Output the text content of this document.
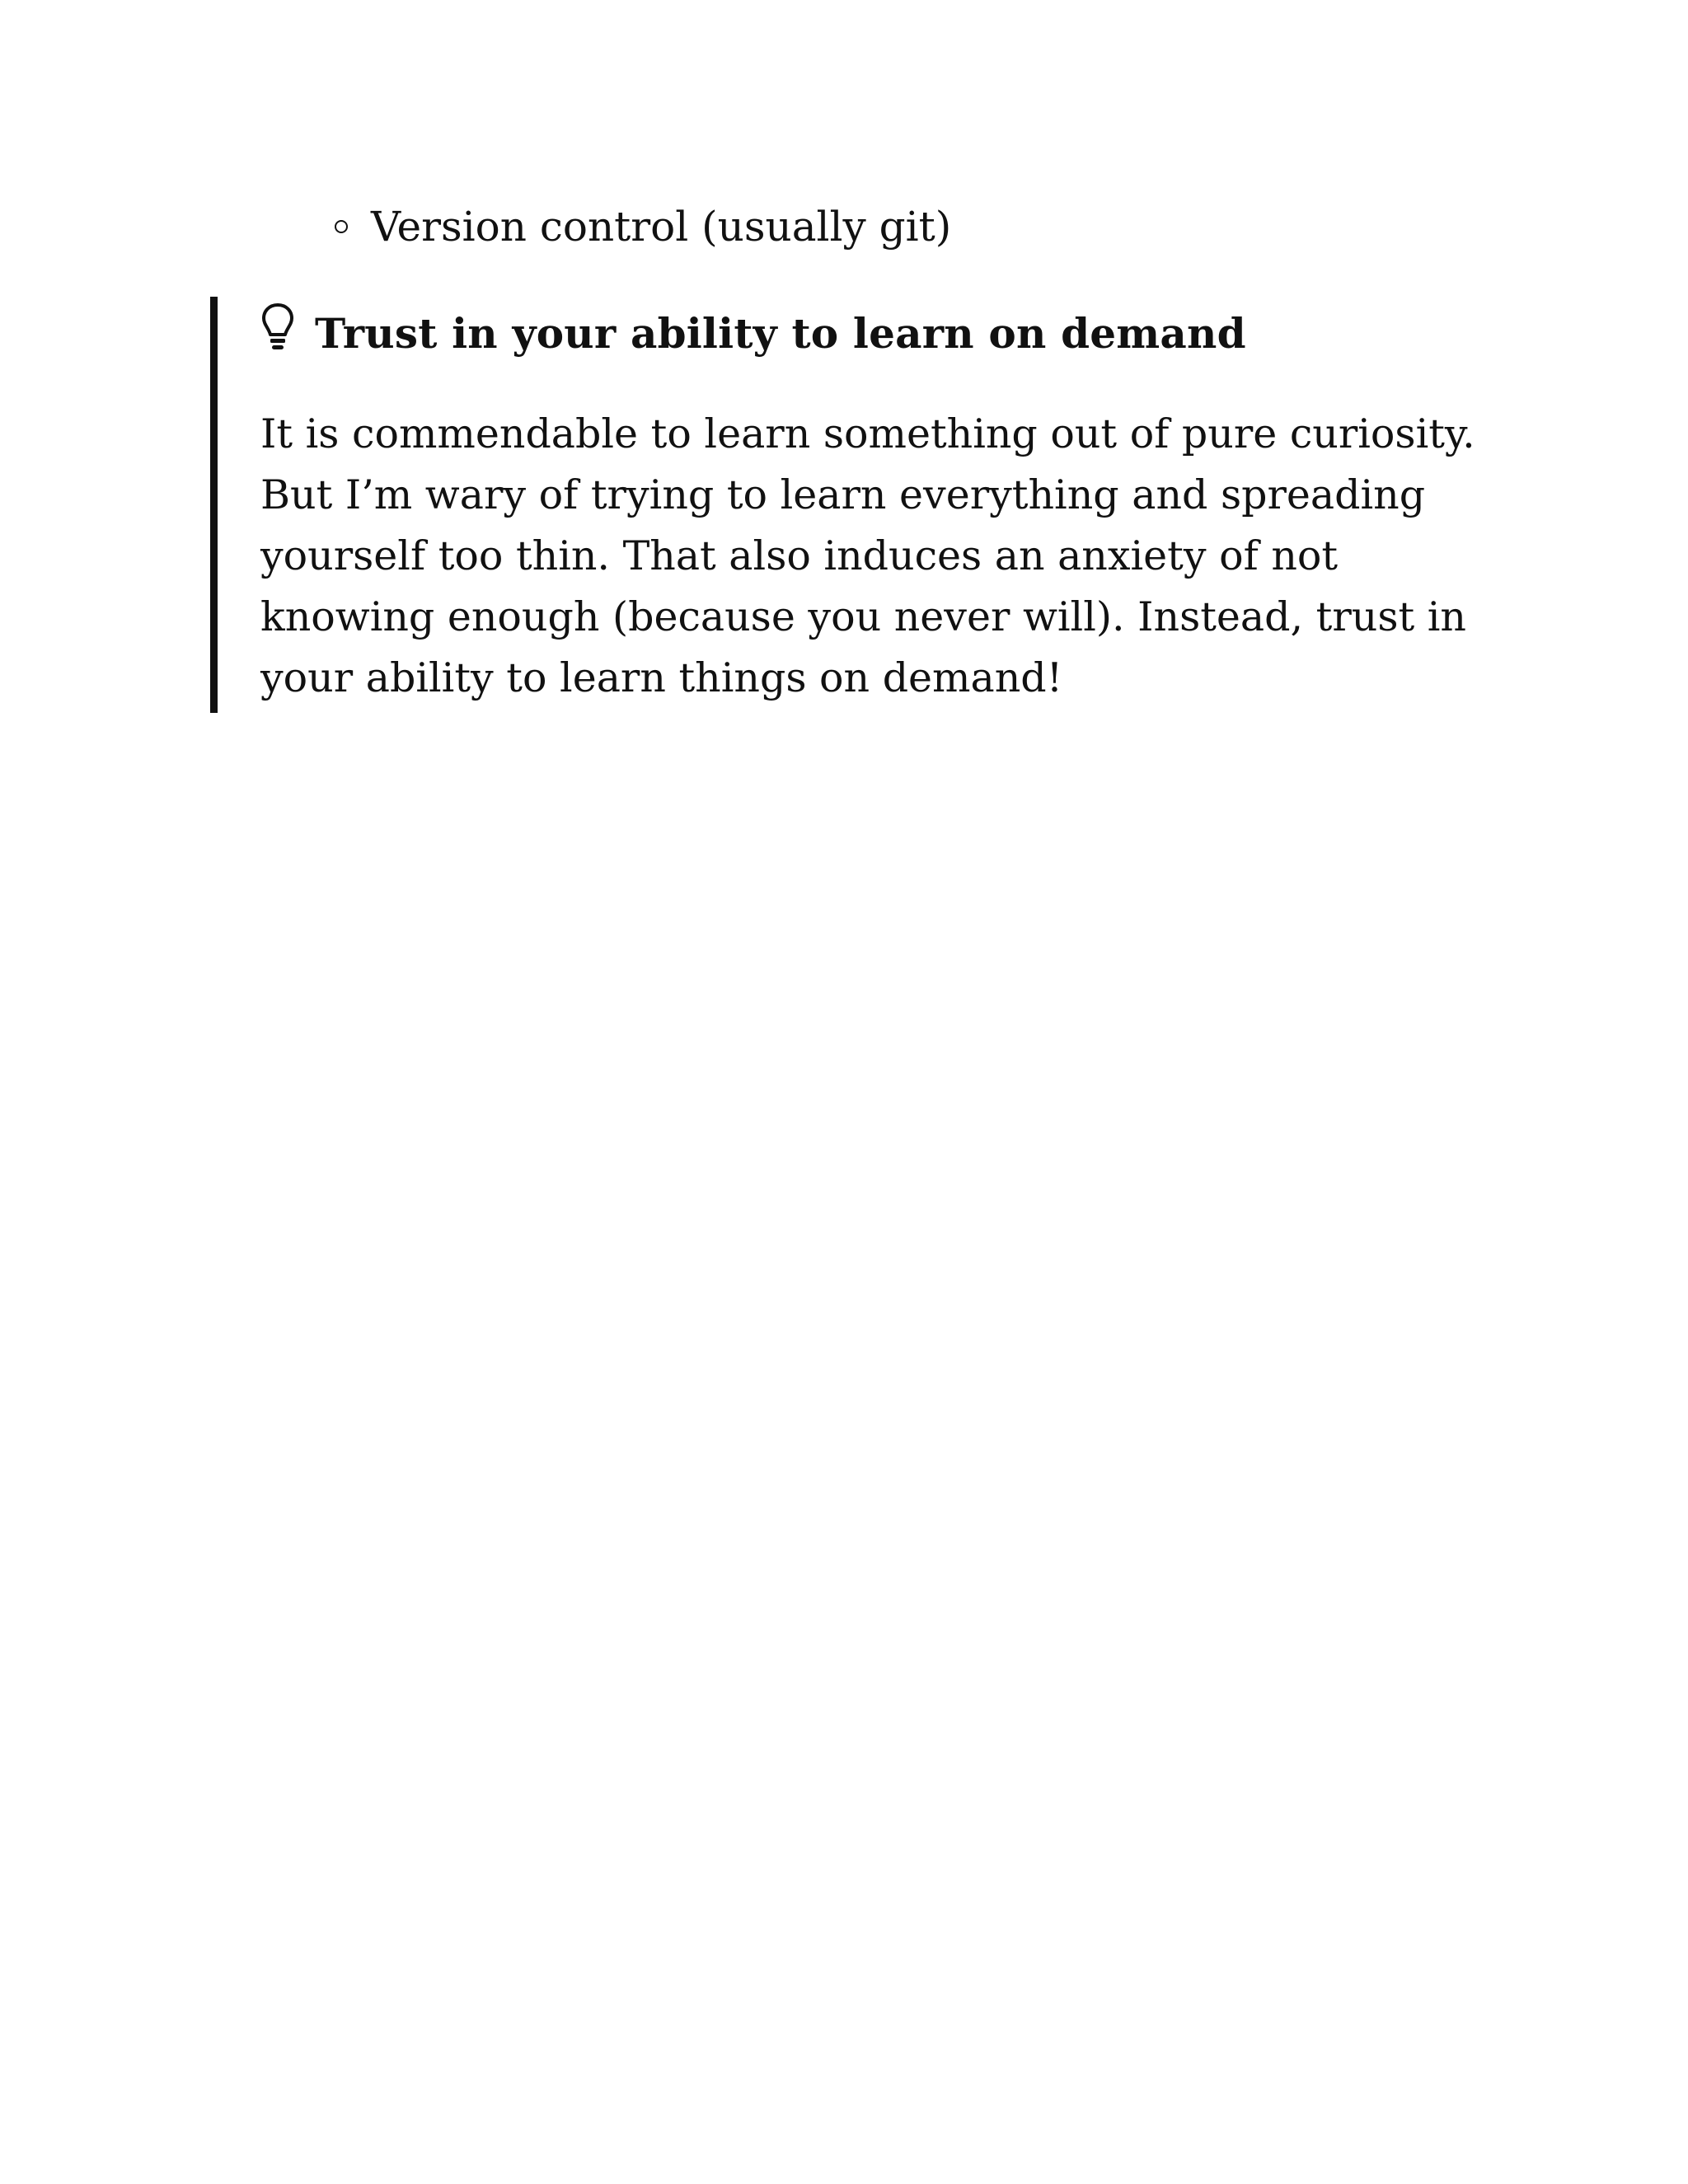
Version control (usually git)
Trust in your ability to learn on demand

It is commendable to learn something out of pure curiosity. But I’m wary of trying to learn everything and spreading yourself too thin. That also induces an anxiety of not knowing enough (because you never will). Instead, trust in your ability to learn things on demand!
